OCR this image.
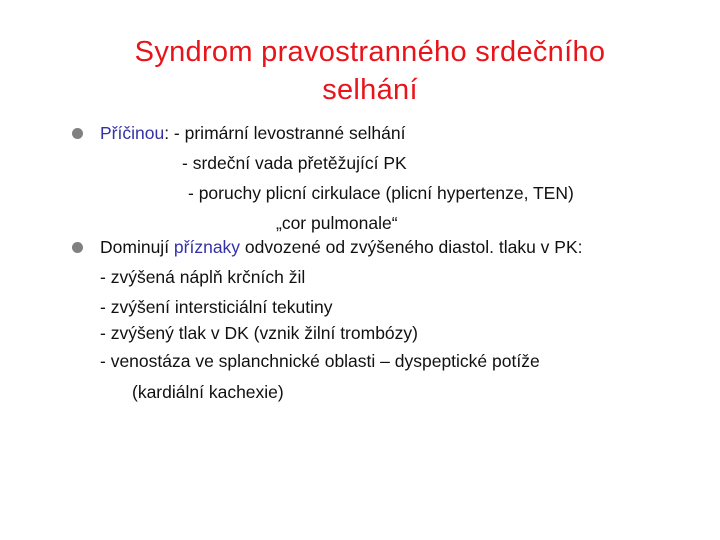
Syndrom pravostranného srdečního
selhání
Příčinou: - primární levostranné selhání
- srdeční vada přetěžující PK
- poruchy plicní cirkulace (plicní hypertenze, TEN)
„cor pulmonale“
Dominují příznaky odvozené od zvýšeného diastol. tlaku v PK:
- zvýšená náplň krčních žil
- zvýšení intersticiální tekutiny
- zvýšený tlak v DK (vznik žilní trombózy)
- venostáza ve splanchnické oblasti – dyspeptické potíže
(kardiální kachexie)
